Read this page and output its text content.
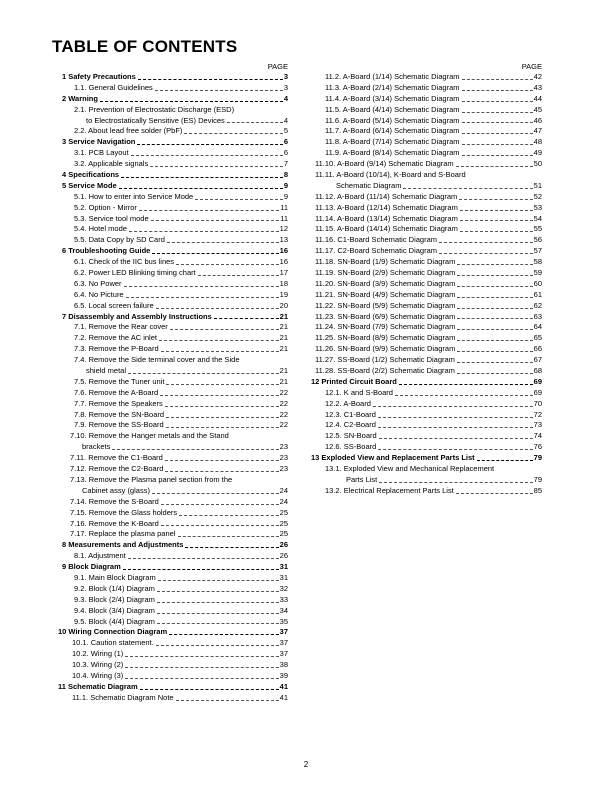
TABLE OF CONTENTS
PAGE
1 Safety Precautions	3
1.1. General Guidelines	3
2 Warning	4
2.1. Prevention of Electrostatic Discharge (ESD)
to Electrostatically Sensitive (ES) Devices	4
2.2. About lead free solder (PbF)	5
3 Service Navigation	6
3.1. PCB Layout	6
3.2. Applicable signals	7
4 Specifications	8
5 Service Mode	9
5.1. How to enter into Service Mode	9
5.2. Option - Mirror	11
5.3. Service tool mode	11
5.4. Hotel mode	12
5.5. Data Copy by SD Card	13
6 Troubleshooting Guide	16
6.1. Check of the IIC bus lines	16
6.2. Power LED Blinking timing chart	17
6.3. No Power	18
6.4. No Picture	19
6.5. Local screen failure	20
7 Disassembly and Assembly Instructions	21
7.1. Remove the Rear cover	21
7.2. Remove the AC inlet	21
7.3. Remove the P-Board	21
7.4. Remove the Side terminal cover and the Side
shield metal	21
7.5. Remove the Tuner unit	21
7.6. Remove the A-Board	22
7.7. Remove the Speakers	22
7.8. Remove the SN-Board	22
7.9. Remove the SS-Board	22
7.10. Remove the Hanger metals and the Stand
brackets	23
7.11. Remove the C1-Board	23
7.12. Remove the C2-Board	23
7.13. Remove the Plasma panel section from the
Cabinet assy (glass)	24
7.14. Remove the S-Board	24
7.15. Remove the Glass holders	25
7.16. Remove the K-Board	25
7.17. Replace the plasma panel	25
8 Measurements and Adjustments	26
8.1. Adjustment	26
9 Block Diagram	31
9.1. Main Block Diagram	31
9.2. Block (1/4) Diagram	32
9.3. Block (2/4) Diagram	33
9.4. Block (3/4) Diagram	34
9.5. Block (4/4) Diagram	35
10 Wiring Connection Diagram	37
10.1. Caution statement.	37
10.2. Wiring (1)	37
10.3. Wiring (2)	38
10.4. Wiring (3)	39
11 Schematic Diagram	41
11.1. Schematic Diagram Note	41
PAGE
11.2. A-Board (1/14) Schematic Diagram	42
11.3. A-Board (2/14) Schematic Diagram	43
11.4. A-Board (3/14) Schematic Diagram	44
11.5. A-Board (4/14) Schematic Diagram	45
11.6. A-Board (5/14) Schematic Diagram	46
11.7. A-Board (6/14) Schematic Diagram	47
11.8. A-Board (7/14) Schematic Diagram	48
11.9. A-Board (8/14) Schematic Diagram	49
11.10. A-Board (9/14) Schematic Diagram	50
11.11. A-Board (10/14), K-Board and S-Board
Schematic Diagram	51
11.12. A-Board (11/14) Schematic Diagram	52
11.13. A-Board (12/14) Schematic Diagram	53
11.14. A-Board (13/14) Schematic Diagram	54
11.15. A-Board (14/14) Schematic Diagram	55
11.16. C1-Board Schematic Diagram	56
11.17. C2-Board Schematic Diagram	57
11.18. SN-Board (1/9) Schematic Diagram	58
11.19. SN-Board (2/9) Schematic Diagram	59
11.20. SN-Board (3/9) Schematic Diagram	60
11.21. SN-Board (4/9) Schematic Diagram	61
11.22. SN-Board (5/9) Schematic Diagram	62
11.23. SN-Board (6/9) Schematic Diagram	63
11.24. SN-Board (7/9) Schematic Diagram	64
11.25. SN-Board (8/9) Schematic Diagram	65
11.26. SN-Board (9/9) Schematic Diagram	66
11.27. SS-Board (1/2) Schematic Diagram	67
11.28. SS-Board (2/2) Schematic Diagram	68
12 Printed Circuit Board	69
12.1. K and S-Board	69
12.2. A-Board	70
12.3. C1-Board	72
12.4. C2-Board	73
12.5. SN-Board	74
12.6. SS-Board	76
13 Exploded View and Replacement Parts List	79
13.1. Exploded View and Mechanical Replacement
Parts List	79
13.2. Electrical Replacement Parts List	85
2
